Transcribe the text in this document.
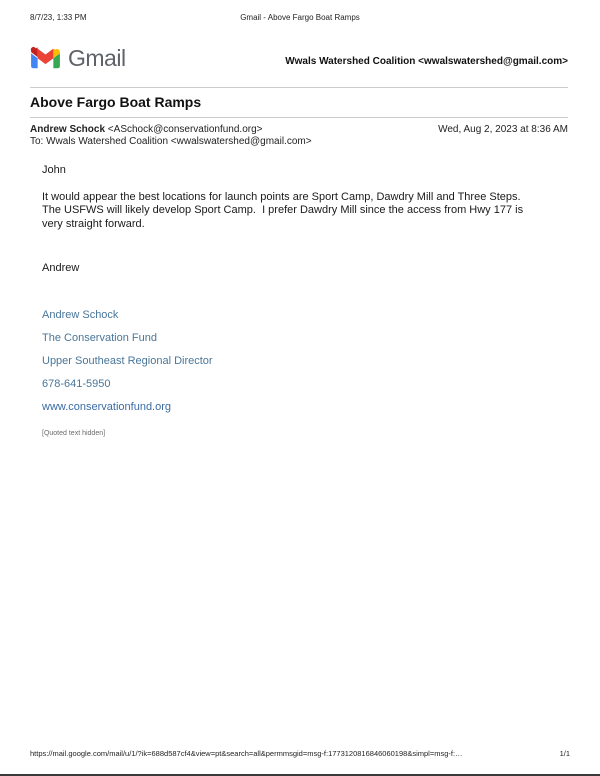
8/7/23, 1:33 PM	Gmail - Above Fargo Boat Ramps
Gmail	Wwals Watershed Coalition <wwalswatershed@gmail.com>
Above Fargo Boat Ramps
Andrew Schock <ASchock@conservationfund.org>
To: Wwals Watershed Coalition <wwalswatershed@gmail.com>
Wed, Aug 2, 2023 at 8:36 AM
John
It would appear the best locations for launch points are Sport Camp, Dawdry Mill and Three Steps.  The USFWS will likely develop Sport Camp.  I prefer Dawdry Mill since the access from Hwy 177 is very straight forward.
Andrew
Andrew Schock
The Conservation Fund
Upper Southeast Regional Director
678-641-5950
www.conservationfund.org
[Quoted text hidden]
https://mail.google.com/mail/u/1/?ik=688d587cf4&view=pt&search=all&permmsgid=msg-f:1773120816846060198&simpl=msg-f:…	1/1
